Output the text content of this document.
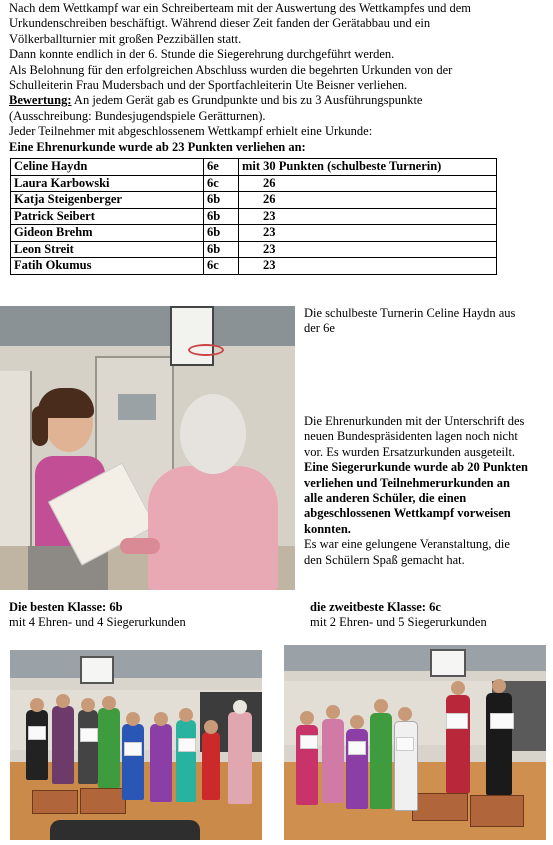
Nach dem Wettkampf war ein Schreiberteam mit der Auswertung des Wettkampfes und dem

Urkundenschreiben beschäftigt. Während dieser Zeit fanden der Gerätabbau und ein

Völkerballturnier mit großen Pezzibällen statt.

Dann konnte endlich in der 6. Stunde die Siegerehrung durchgeführt werden.

Als Belohnung für den erfolgreichen Abschluss wurden die begehrten Urkunden von der

Schulleiterin Frau Mudersbach und der Sportfachleiterin Ute Beisner verliehen.

Bewertung: An jedem Gerät gab es Grundpunkte und bis zu 3 Ausführungspunkte

(Ausschreibung: Bundesjugendspiele Gerätturnen).

Jeder Teilnehmer mit abgeschlossenem Wettkampf erhielt eine Urkunde:

Eine Ehrenurkunde wurde ab 23 Punkten verliehen an:

Celine Haydn	6e	mit 30 Punkten (schulbeste Turnerin)
Laura Karbowski	6c	26
Katja Steigenberger	6b	26
Patrick Seibert	6b	23
Gideon Brehm	6b	23
Leon Streit	6b	23
Fatih Okumus	6c	23

Die schulbeste Turnerin Celine Haydn aus

der 6e

Die Ehrenurkunden mit der Unterschrift des

neuen Bundespräsidenten lagen noch nicht

vor. Es wurden Ersatzurkunden ausgeteilt.

Eine Siegerurkunde wurde ab 20 Punkten

verliehen und Teilnehmerurkunden an

alle anderen Schüler, die einen

abgeschlossenen Wettkampf vorweisen

konnten.

Es war eine gelungene Veranstaltung, die

den Schülern Spaß gemacht hat.

Die besten Klasse: 6b

mit 4 Ehren- und 4 Siegerurkunden

die zweitbeste Klasse: 6c

mit 2 Ehren- und 5 Siegerurkunden
